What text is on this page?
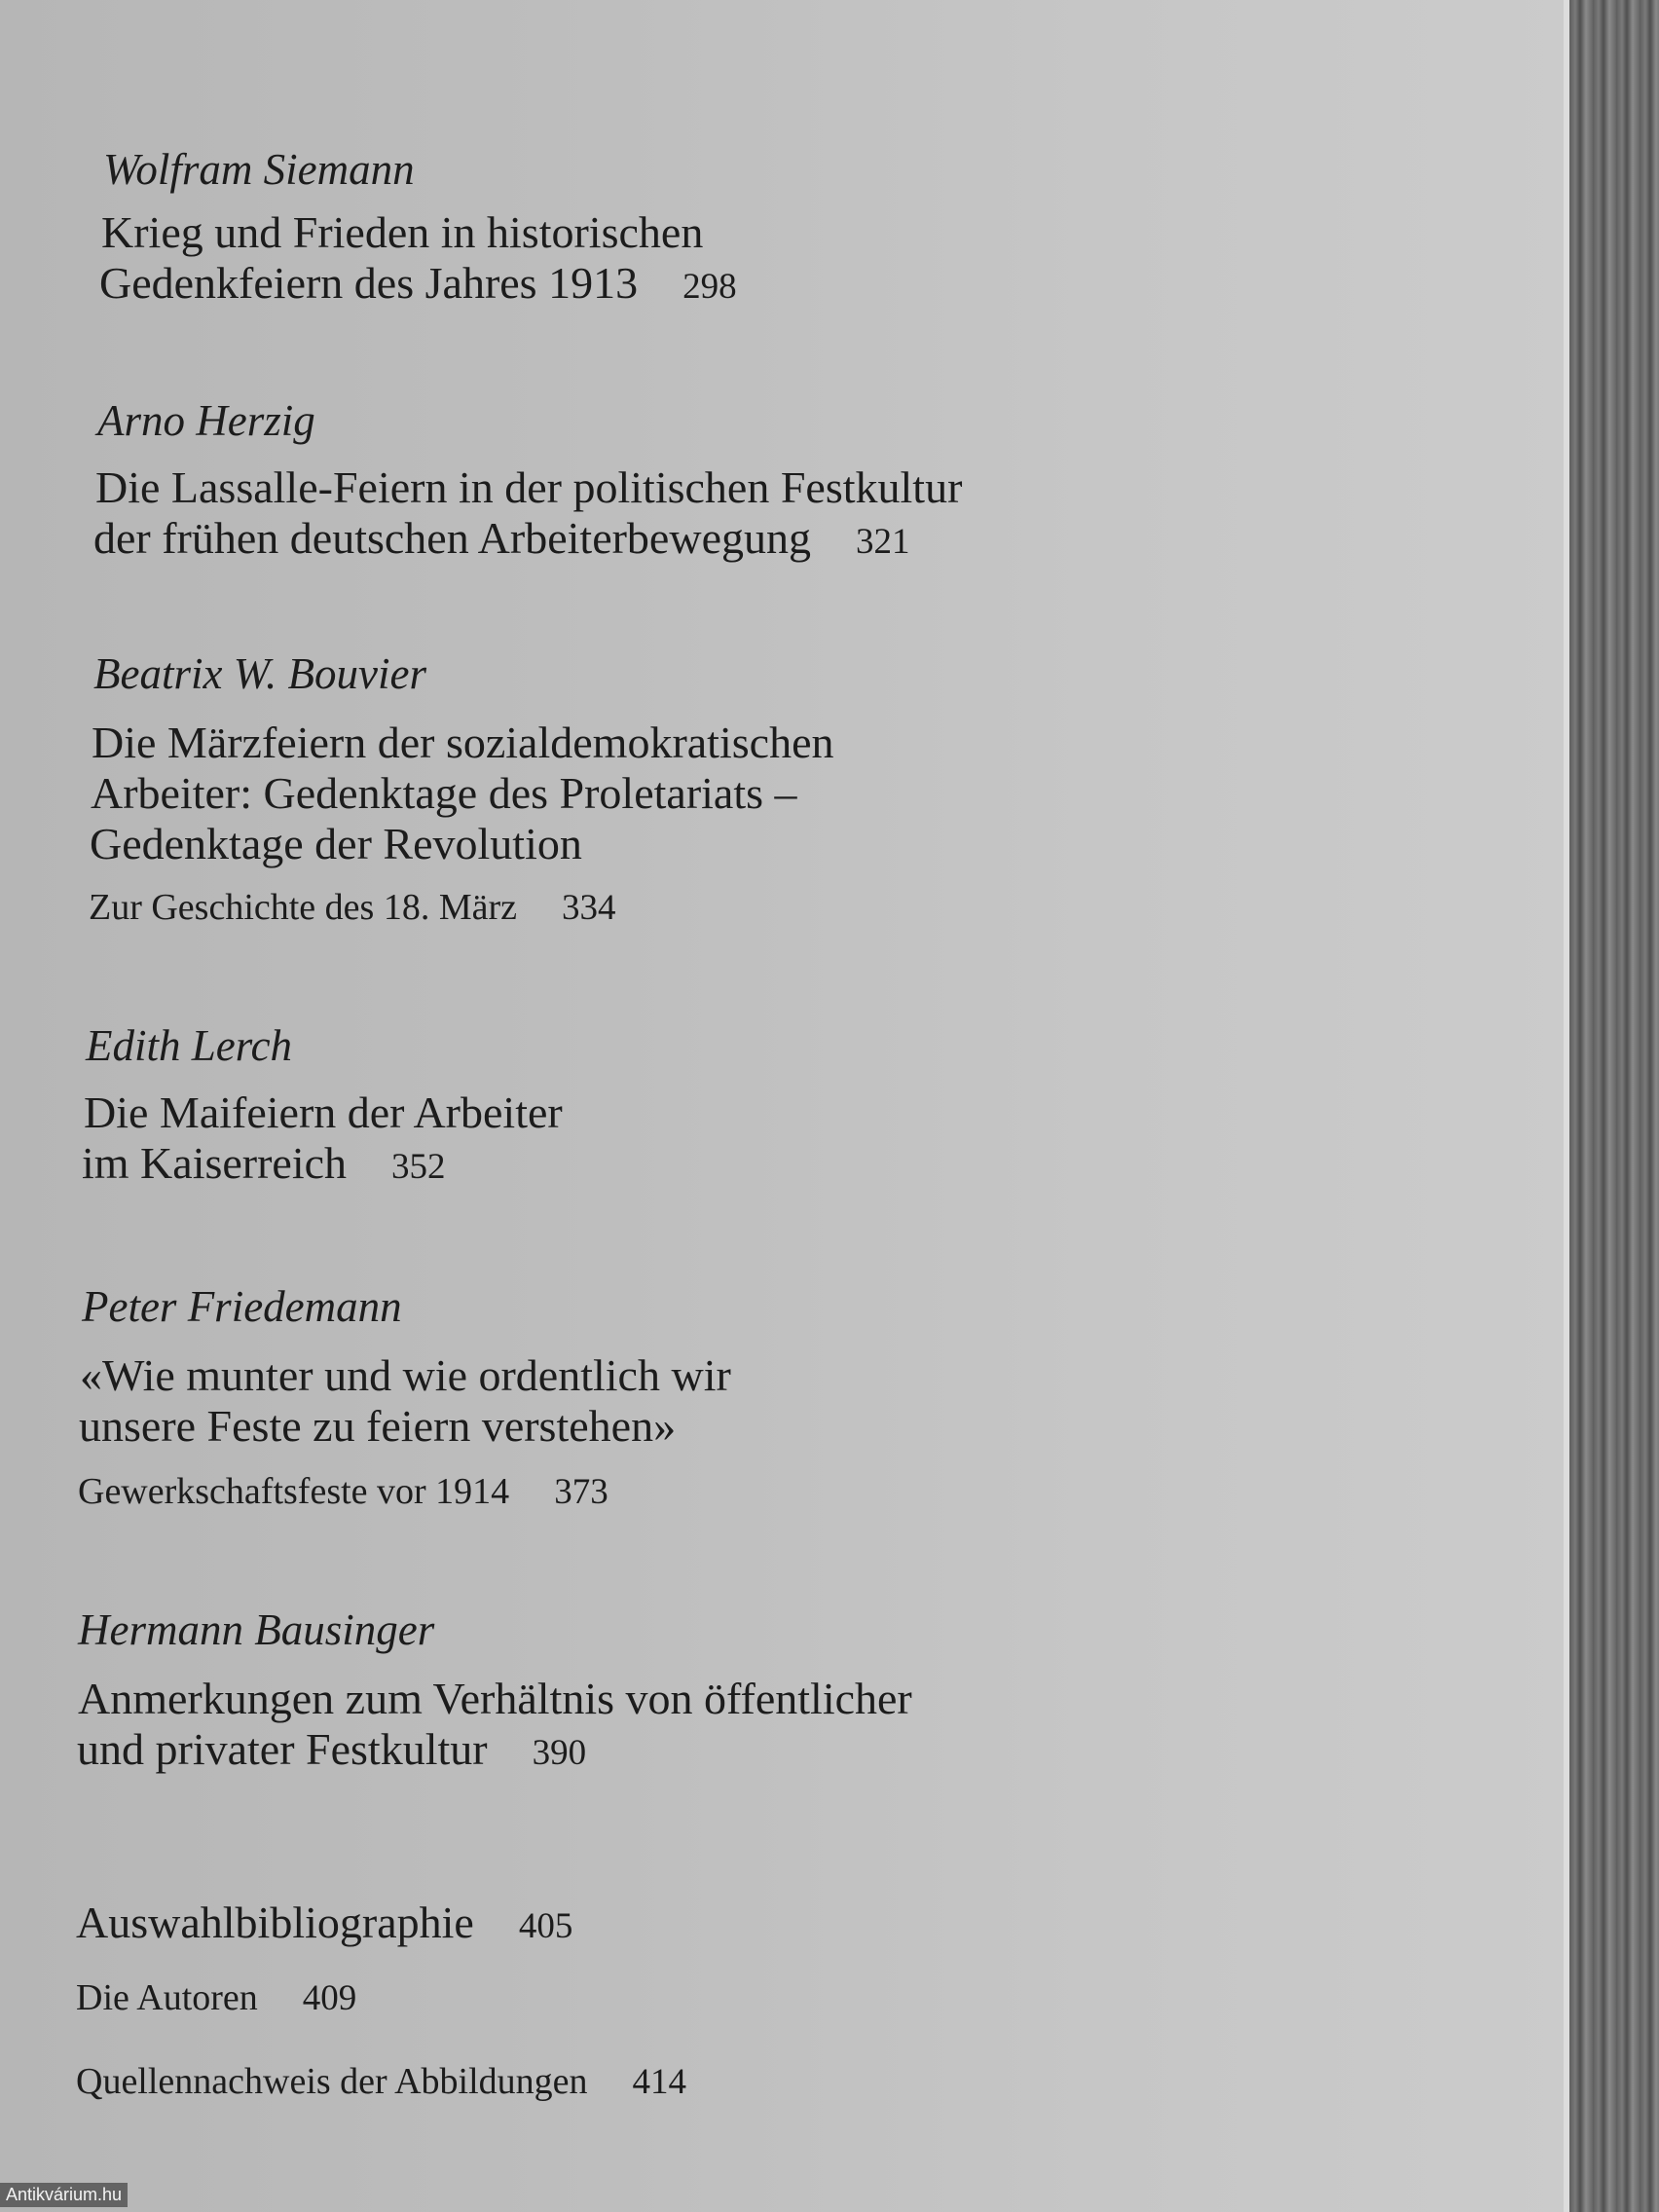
Wolfram Siemann
Krieg und Frieden in historischen
Gedenkfeiern des Jahres 1913 298
Arno Herzig
Die Lassalle-Feiern in der politischen Festkultur
der frühen deutschen Arbeiterbewegung 321
Beatrix W. Bouvier
Die Märzfeiern der sozialdemokratischen
Arbeiter: Gedenktage des Proletariats –
Gedenktage der Revolution
Zur Geschichte des 18. März 334
Edith Lerch
Die Maifeiern der Arbeiter
im Kaiserreich 352
Peter Friedemann
«Wie munter und wie ordentlich wir
unsere Feste zu feiern verstehen»
Gewerkschaftsfeste vor 1914 373
Hermann Bausinger
Anmerkungen zum Verhältnis von öffentlicher
und privater Festkultur 390
Auswahlbibliographie 405
Die Autoren 409
Quellennachweis der Abbildungen 414
Antikvárium.hu
